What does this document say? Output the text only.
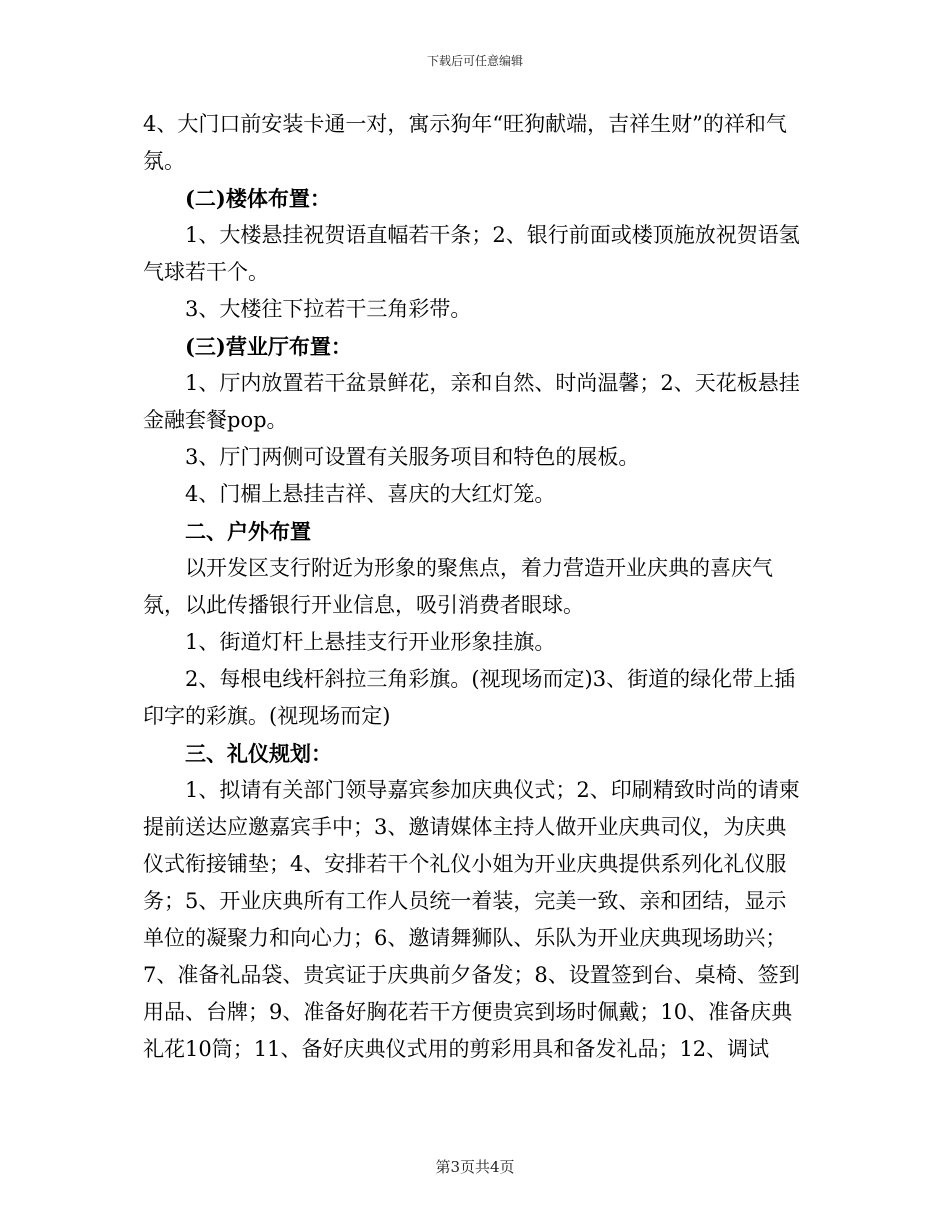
下载后可任意编辑

4、大门口前安装卡通一对，寓示狗年“旺狗献端，吉祥生财”的祥和气氛。

(二)楼体布置：

1、大楼悬挂祝贺语直幅若干条；2、银行前面或楼顶施放祝贺语氢气球若干个。

3、大楼往下拉若干三角彩带。

(三)营业厅布置：

1、厅内放置若干盆景鲜花，亲和自然、时尚温馨；2、天花板悬挂金融套餐pop。

3、厅门两侧可设置有关服务项目和特色的展板。

4、门楣上悬挂吉祥、喜庆的大红灯笼。

二、户外布置

以开发区支行附近为形象的聚焦点，着力营造开业庆典的喜庆气氛，以此传播银行开业信息，吸引消费者眼球。

1、街道灯杆上悬挂支行开业形象挂旗。

2、每根电线杆斜拉三角彩旗。(视现场而定)3、街道的绿化带上插印字的彩旗。(视现场而定)

三、礼仪规划：

1、拟请有关部门领导嘉宾参加庆典仪式；2、印刷精致时尚的请柬提前送达应邀嘉宾手中；3、邀请媒体主持人做开业庆典司仪，为庆典仪式衔接铺垫；4、安排若干个礼仪小姐为开业庆典提供系列化礼仪服务；5、开业庆典所有工作人员统一着装，完美一致、亲和团结，显示单位的凝聚力和向心力；6、邀请舞狮队、乐队为开业庆典现场助兴；7、准备礼品袋、贵宾证于庆典前夕备发；8、设置签到台、桌椅、签到用品、台牌；9、准备好胸花若干方便贵宾到场时佩戴；10、准备庆典礼花10筒；11、备好庆典仪式用的剪彩用具和备发礼品；12、调试

第3页共4页
